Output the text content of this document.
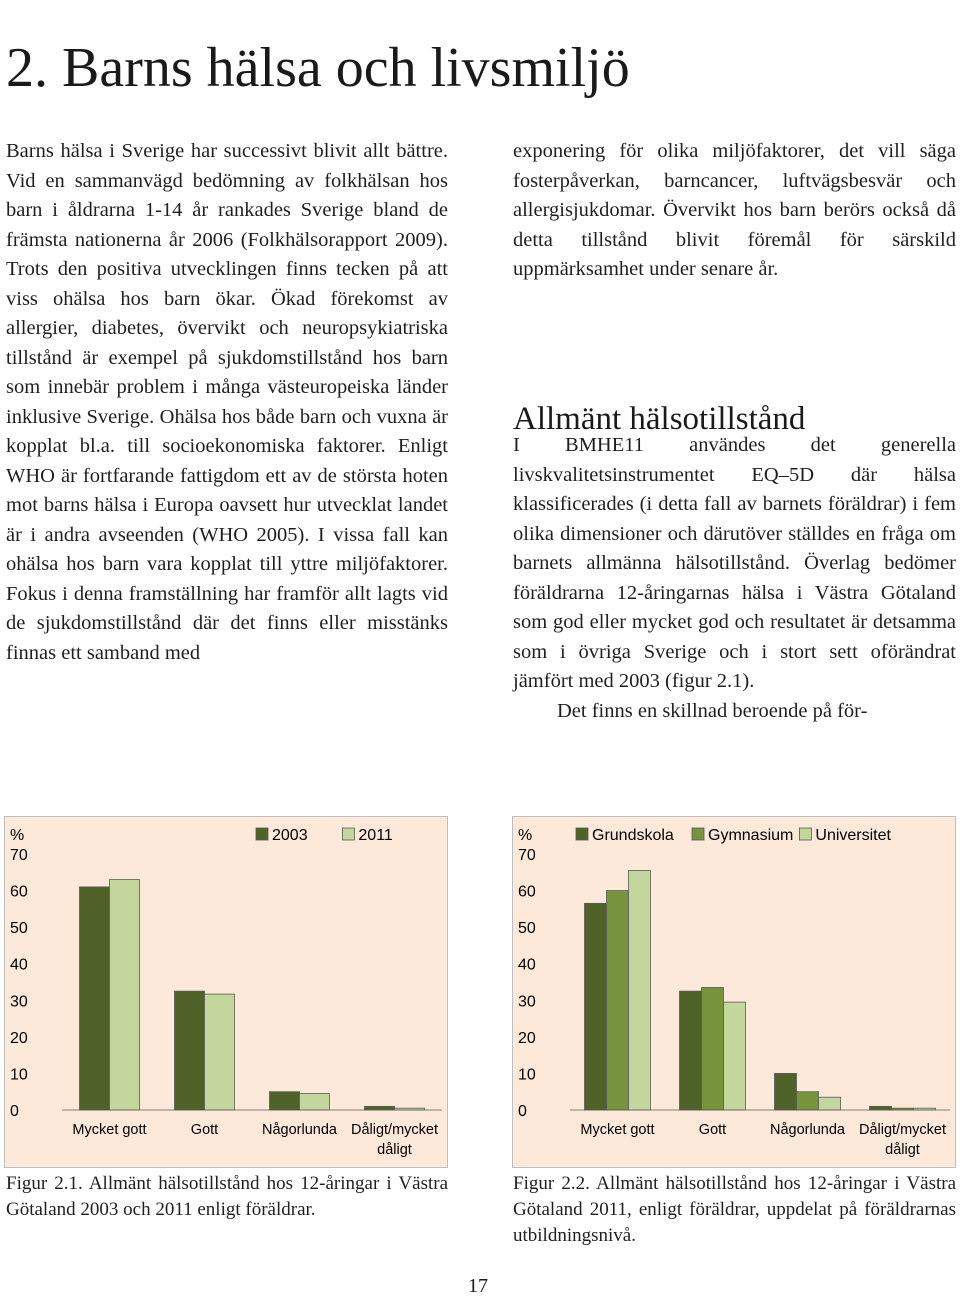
2. Barns hälsa och livsmiljö

Barns hälsa i Sverige har successivt blivit allt bättre. Vid en sammanvägd bedömning av folkhälsan hos barn i åldrarna 1-14 år rankades Sverige bland de främsta nationerna år 2006 (Folkhälsorapport 2009). Trots den positiva utvecklingen finns tecken på att viss ohälsa hos barn ökar. Ökad förekomst av allergier, diabetes, övervikt och neuropsykiatriska tillstånd är exempel på sjukdomstillstånd hos barn som innebär problem i många västeuropeiska länder inklusive Sverige. Ohälsa hos både barn och vuxna är kopplat bl.a. till socioekonomiska faktorer. Enligt WHO är fortfarande fattigdom ett av de största hoten mot barns hälsa i Europa oavsett hur utvecklat landet är i andra avseenden (WHO 2005). I vissa fall kan ohälsa hos barn vara kopplat till yttre miljöfaktorer. Fokus i denna framställning har framför allt lagts vid de sjukdomstillstånd där det finns eller misstänks finnas ett samband med

exponering för olika miljöfaktorer, det vill säga fosterpåverkan, barncancer, luftvägsbesvär och allergisjukdomar. Övervikt hos barn berörs också då detta tillstånd blivit föremål för särskild uppmärksamhet under senare år.

Allmänt hälsotillstånd

I BMHE11 användes det generella livskvalitetsinstrumentet EQ–5D där hälsa klassificerades (i detta fall av barnets föräldrar) i fem olika dimensioner och därutöver ställdes en fråga om barnets allmänna hälsotillstånd. Överlag bedömer föräldrarna 12-åringarnas hälsa i Västra Götaland som god eller mycket god och resultatet är detsamma som i övriga Sverige och i stort sett oförändrat jämfört med 2003 (figur 2.1).

Det finns en skillnad beroende på för-

%
0
10
20
30
40
50
60
70
Mycket gott	Gott	Någorlunda Dåligt/mycket
dåligt
2003	2011	%
0
10
20
30
40
50
60
70
Mycket gott	Gott	Någorlunda Dåligt/mycket
dåligt
Grundskola Gymnasium Universitet
Figur 2.1. Allmänt hälsotillstånd hos 12-åringar i Västra Götaland 2003 och 2011 enligt föräldrar.
Figur 2.2. Allmänt hälsotillstånd hos 12-åringar i Västra Götaland 2011, enligt föräldrar, uppdelat på föräldrarnas utbildningsnivå.
17
